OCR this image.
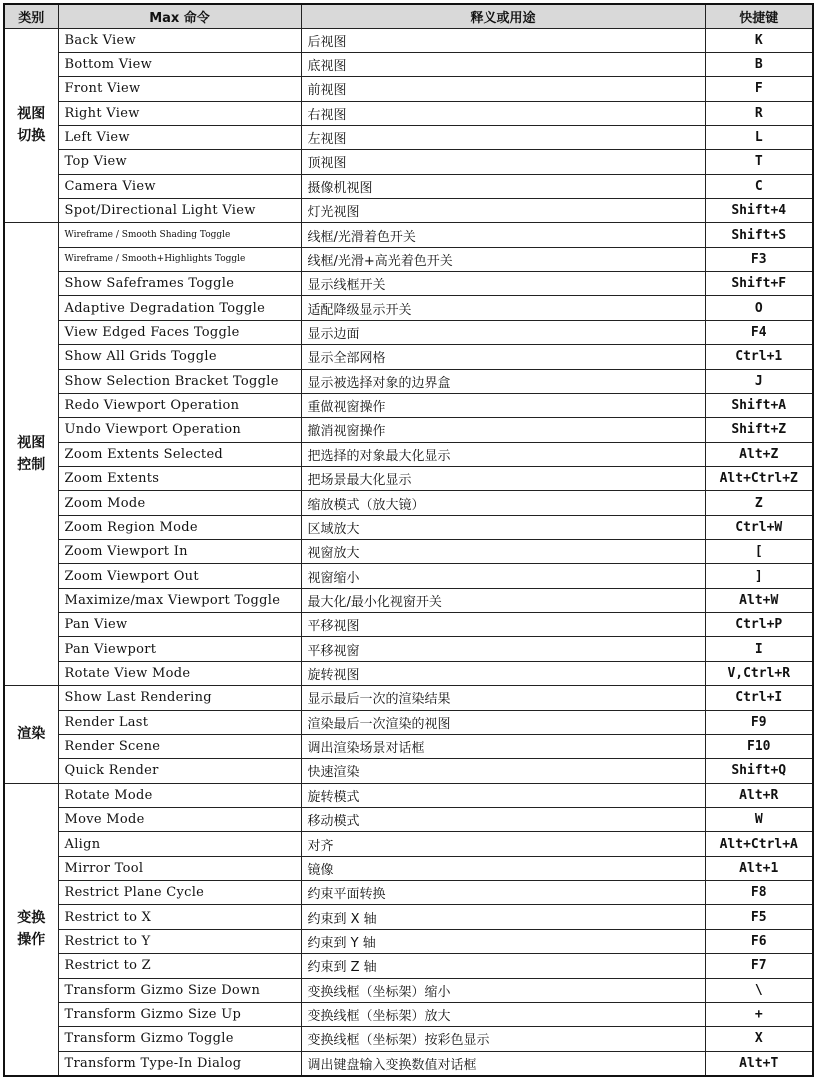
类别	Max 命令	释义或用途	快捷键

视图
切换	Back View	后视图	K
	Bottom View	底视图	B
	Front View	前视图	F
	Right View	右视图	R
	Left View	左视图	L
	Top View	顶视图	T
	Camera View	摄像机视图	C
	Spot/Directional Light View	灯光视图	Shift+4

视图
控制	Wireframe / Smooth Shading Toggle	线框/光滑着色开关	Shift+S
	Wireframe / Smooth+Highlights Toggle	线框/光滑+高光着色开关	F3
	Show Safeframes Toggle	显示线框开关	Shift+F
	Adaptive Degradation Toggle	适配降级显示开关	O
	View Edged Faces Toggle	显示边面	F4
	Show All Grids Toggle	显示全部网格	Ctrl+1
	Show Selection Bracket Toggle	显示被选择对象的边界盒	J
	Redo Viewport Operation	重做视窗操作	Shift+A
	Undo Viewport Operation	撤消视窗操作	Shift+Z
	Zoom Extents Selected	把选择的对象最大化显示	Alt+Z
	Zoom Extents	把场景最大化显示	Alt+Ctrl+Z
	Zoom Mode	缩放模式（放大镜）	Z
	Zoom Region Mode	区域放大	Ctrl+W
	Zoom Viewport In	视窗放大	[
	Zoom Viewport Out	视窗缩小	]
	Maximize/max Viewport Toggle	最大化/最小化视窗开关	Alt+W
	Pan View	平移视图	Ctrl+P
	Pan Viewport	平移视窗	I
	Rotate View Mode	旋转视图	V,Ctrl+R

渲染	Show Last Rendering	显示最后一次的渲染结果	Ctrl+I
	Render Last	渲染最后一次渲染的视图	F9
	Render Scene	调出渲染场景对话框	F10
	Quick Render	快速渲染	Shift+Q

变换
操作	Rotate Mode	旋转模式	Alt+R
	Move Mode	移动模式	W
	Align	对齐	Alt+Ctrl+A
	Mirror Tool	镜像	Alt+1
	Restrict Plane Cycle	约束平面转换	F8
	Restrict to X	约束到 X 轴	F5
	Restrict to Y	约束到 Y 轴	F6
	Restrict to Z	约束到 Z 轴	F7
	Transform Gizmo Size Down	变换线框（坐标架）缩小	\
	Transform Gizmo Size Up	变换线框（坐标架）放大	+
	Transform Gizmo Toggle	变换线框（坐标架）按彩色显示	X
	Transform Type-In Dialog	调出键盘输入变换数值对话框	Alt+T
